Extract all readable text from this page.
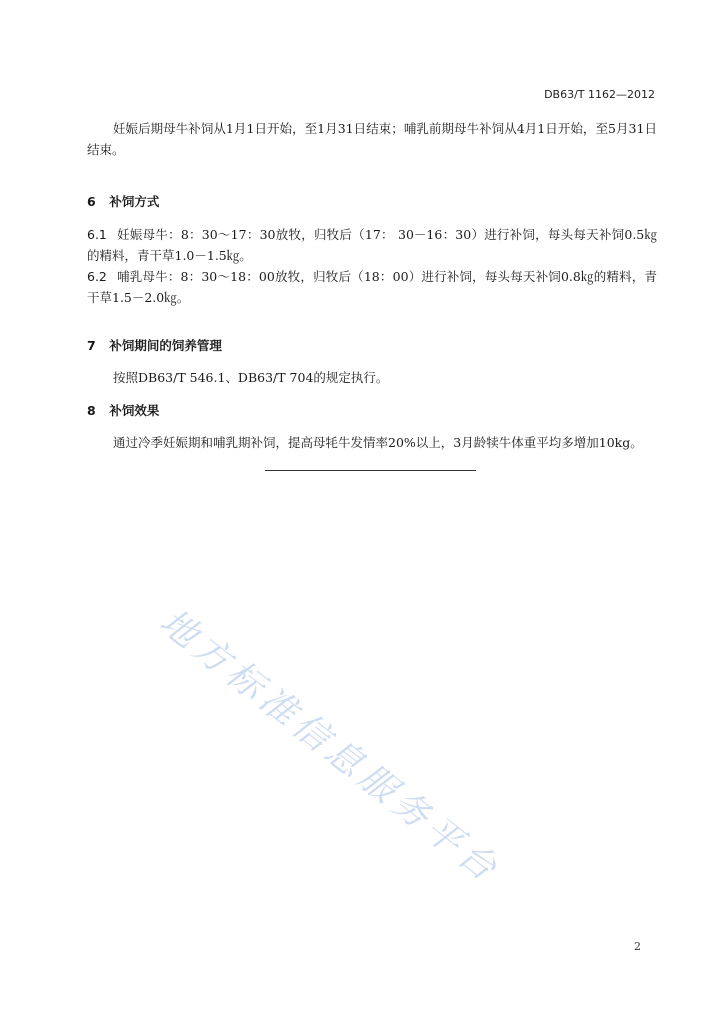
DB63/T 1162—2012

妊娠后期母牛补饲从1月1日开始，至1月31日结束；哺乳前期母牛补饲从4月1日开始，至5月31日结束。

6 补饲方式

6.1 妊娠母牛：8：30～17：30放牧，归牧后（17： 30－16：30）进行补饲，每头每天补饲0.5㎏的精料，青干草1.0－1.5㎏。

6.2 哺乳母牛：8：30～18：00放牧，归牧后（18：00）进行补饲，每头每天补饲0.8㎏的精料，青干草1.5－2.0㎏。

7 补饲期间的饲养管理

按照DB63/T 546.1、DB63/T 704的规定执行。

8 补饲效果

通过冷季妊娠期和哺乳期补饲，提高母牦牛发情率20%以上，3月龄犊牛体重平均多增加10kg。

地方标准信息服务平台
2
